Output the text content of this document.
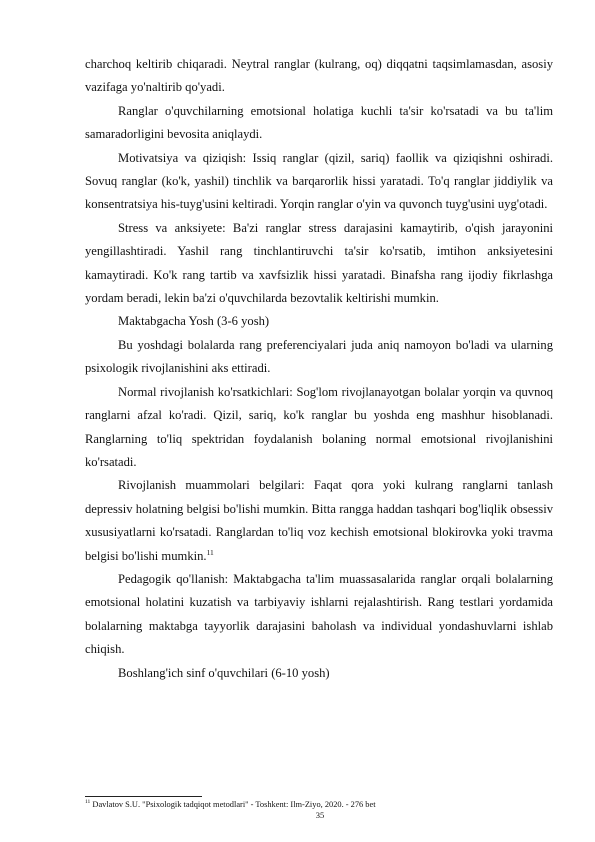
charchoq keltirib chiqaradi. Neytral ranglar (kulrang, oq) diqqatni taqsimlamasdan, asosiy vazifaga yo'naltirib qo'yadi.

Ranglar o'quvchilarning emotsional holatiga kuchli ta'sir ko'rsatadi va bu ta'lim samaradorligini bevosita aniqlaydi.

Motivatsiya va qiziqish: Issiq ranglar (qizil, sariq) faollik va qiziqishni oshiradi. Sovuq ranglar (ko'k, yashil) tinchlik va barqarorlik hissi yaratadi. To'q ranglar jiddiylik va konsentratsiya his-tuyg'usini keltiradi. Yorqin ranglar o'yin va quvonch tuyg'usini uyg'otadi.

Stress va anksiyete: Ba'zi ranglar stress darajasini kamaytirib, o'qish jarayonini yengillashtiradi. Yashil rang tinchlantiruvchi ta'sir ko'rsatib, imtihon anksiyetesini kamaytiradi. Ko'k rang tartib va xavfsizlik hissi yaratadi. Binafsha rang ijodiy fikrlashga yordam beradi, lekin ba'zi o'quvchilarda bezovtalik keltirishi mumkin.

Maktabgacha Yosh (3-6 yosh)

Bu yoshdagi bolalarda rang preferenciyalari juda aniq namoyon bo'ladi va ularning psixologik rivojlanishini aks ettiradi.

Normal rivojlanish ko'rsatkichlari: Sog'lom rivojlanayotgan bolalar yorqin va quvnoq ranglarni afzal ko'radi. Qizil, sariq, ko'k ranglar bu yoshda eng mashhur hisoblanadi. Ranglarning to'liq spektridan foydalanish bolaning normal emotsional rivojlanishini ko'rsatadi.

Rivojlanish muammolari belgilari: Faqat qora yoki kulrang ranglarni tanlash depressiv holatning belgisi bo'lishi mumkin. Bitta rangga haddan tashqari bog'liqlik obsessiv xususiyatlarni ko'rsatadi. Ranglardan to'liq voz kechish emotsional blokirovka yoki travma belgisi bo'lishi mumkin.$^{11}$

Pedagogik qo'llanish: Maktabgacha ta'lim muassasalarida ranglar orqali bolalarning emotsional holatini kuzatish va tarbiyaviy ishlarni rejalashtirish. Rang testlari yordamida bolalarning maktabga tayyorlik darajasini baholash va individual yondashuvlarni ishlab chiqish.

Boshlang'ich sinf o'quvchilari (6-10 yosh)

$^{11}$ Davlatov S.U. "Psixologik tadqiqot metodlari" - Toshkent: Ilm-Ziyo, 2020. - 276 bet
35
